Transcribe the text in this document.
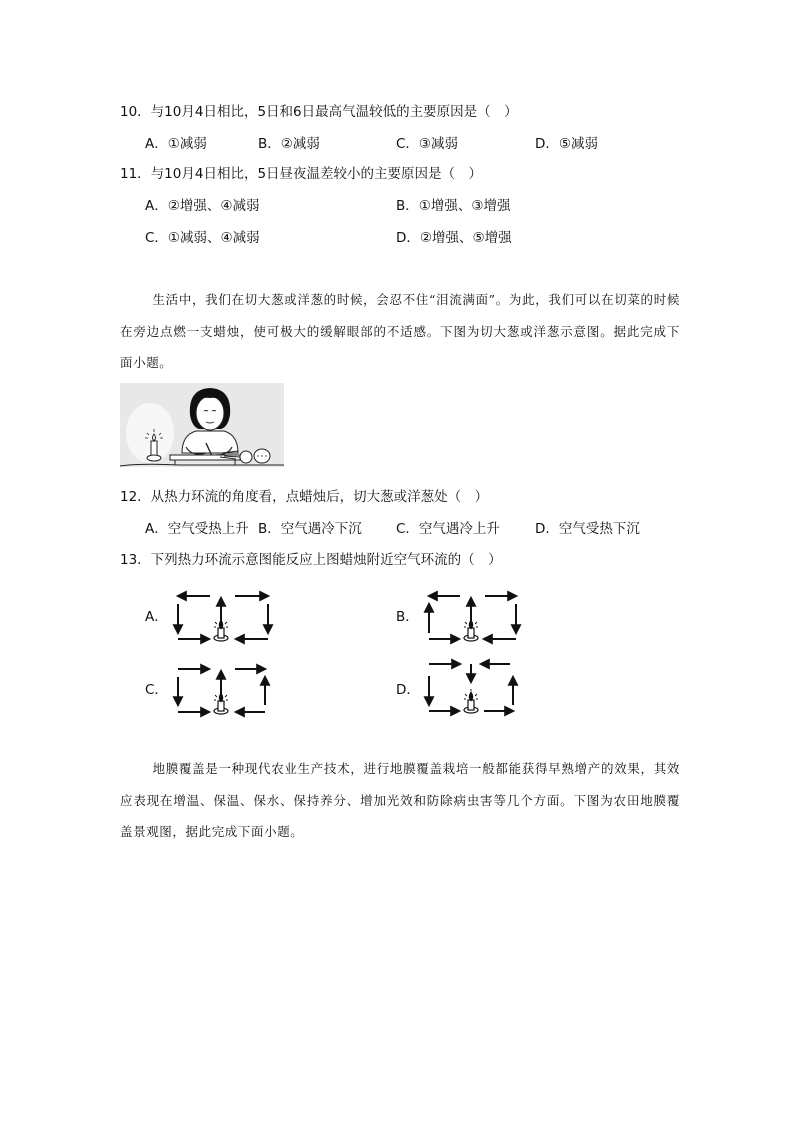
10．与10月4日相比，5日和6日最高气温较低的主要原因是（　）
A．①减弱	B．②减弱	C．③减弱	D．⑤减弱
11．与10月4日相比，5日昼夜温差较小的主要原因是（　）
A．②增强、④减弱	B．①增强、③增强
C．①减弱、④减弱	D．②增强、⑤增强

生活中，我们在切大葱或洋葱的时候，会忍不住“泪流满面”。为此，我们可以在切菜的时候在旁边点燃一支蜡烛，使可极大的缓解眼部的不适感。下图为切大葱或洋葱示意图。据此完成下面小题。

12．从热力环流的角度看，点蜡烛后，切大葱或洋葱处（　）
A．空气受热上升 B．空气遇冷下沉	C．空气遇冷上升	D．空气受热下沉
13．下列热力环流示意图能反应上图蜡烛附近空气环流的（　）
A．	B．
C．	D．

地膜覆盖是一种现代农业生产技术，进行地膜覆盖栽培一般都能获得早熟增产的效果，其效应表现在增温、保温、保水、保持养分、增加光效和防除病虫害等几个方面。下图为农田地膜覆盖景观图，据此完成下面小题。
